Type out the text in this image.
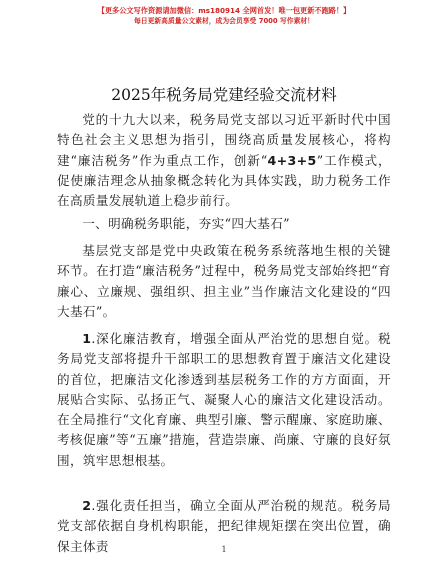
【更多公文写作资源请加微信：ms180914 全网首发！唯一包更新不跑路！】
每日更新高质量公文素材，成为会员享受 7000 写作素材！
2025年税务局党建经验交流材料

党的十九大以来，税务局党支部以习近平新时代中国特色社会主义思想为指引，围绕高质量发展核心，将构建“廉洁税务”作为重点工作，创新“4+3+5”工作模式，促使廉洁理念从抽象概念转化为具体实践，助力税务工作在高质量发展轨道上稳步前行。

一、明确税务职能，夯实“四大基石”

基层党支部是党中央政策在税务系统落地生根的关键环节。在打造“廉洁税务”过程中，税务局党支部始终把“育廉心、立廉规、强组织、担主业”当作廉洁文化建设的“四大基石”。

1.深化廉洁教育，增强全面从严治党的思想自觉。税务局党支部将提升干部职工的思想教育置于廉洁文化建设的首位，把廉洁文化渗透到基层税务工作的方方面面，开展贴合实际、弘扬正气、凝聚人心的廉洁文化建设活动。在全局推行“文化育廉、典型引廉、警示醒廉、家庭助廉、考核促廉”等“五廉”措施，营造崇廉、尚廉、守廉的良好氛围，筑牢思想根基。

2.强化责任担当，确立全面从严治税的规范。税务局党支部依据自身机构职能，把纪律规矩摆在突出位置，确保主体责	1
